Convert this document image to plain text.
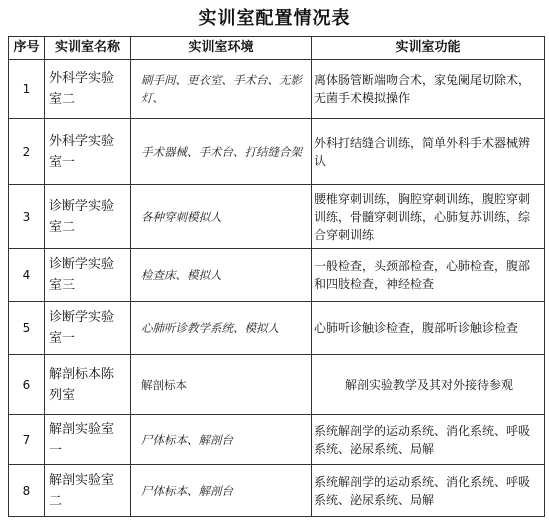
实训室配置情况表
序号	实训室名称	实训室环境	实训室功能
1	外科学实验室二	刷手间、更衣室、手术台、无影灯、	离体肠管断端吻合术，家兔阑尾切除术，
无菌手术模拟操作

2	外科学实验室一	手术器械、手术台、打结缝合架	外科打结缝合训练，简单外科手术器械辨
认

3	诊断学实验室二	各种穿刺模拟人	腰椎穿刺训练，胸腔穿刺训练，腹腔穿刺
训练，骨髓穿刺训练，心肺复苏训练，综
合穿刺训练

4	诊断学实验室三	检查床、模拟人	一般检查，头颈部检查，心肺检查，腹部
和四肢检查，神经检查

5	诊断学实验室一	心肺听诊教学系统、模拟人	心肺听诊触诊检查，腹部听诊触诊检查

6	解剖标本陈列室	解剖标本	解剖实验教学及其对外接待参观

7	解剖实验室一	尸体标本、解剖台	系统解剖学的运动系统、消化系统、呼吸
系统、泌尿系统、局解

8	解剖实验室二	尸体标本、解剖台	系统解剖学的运动系统、消化系统、呼吸
系统、泌尿系统、局解
